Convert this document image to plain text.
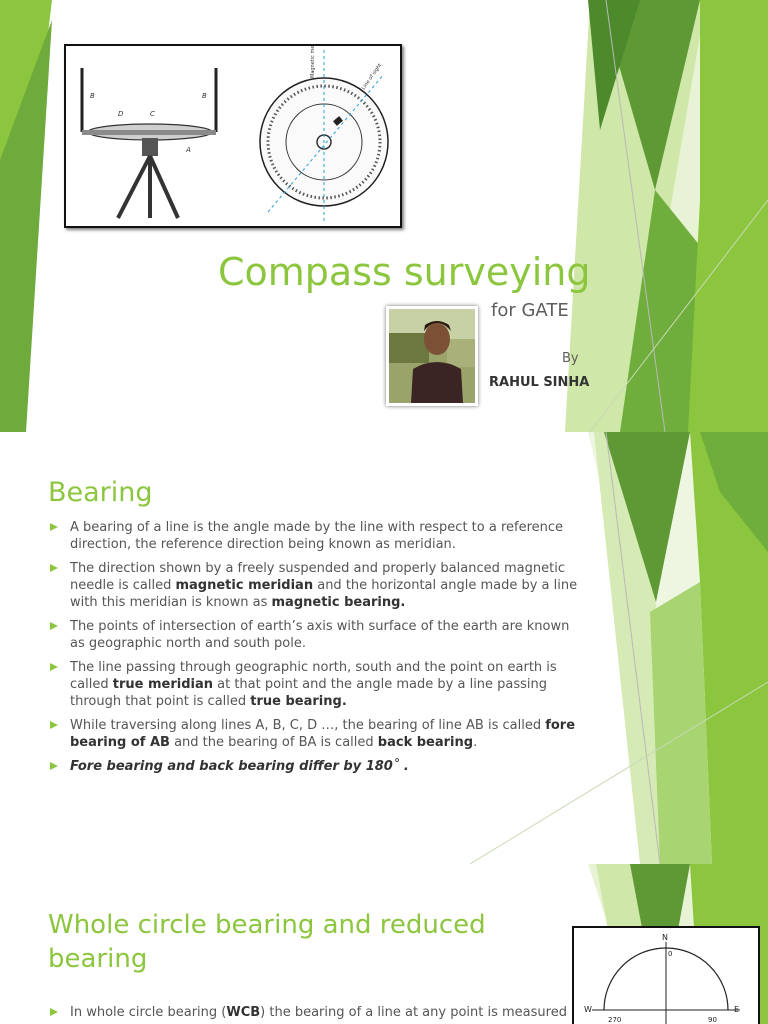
B	B
D	C
A
Magnetic meridian	Line of sight
Compass surveying
for GATE
By
RAHUL SINHA
Bearing
A bearing of a line is the angle made by the line with respect to a reference direction, the reference direction being known as meridian.
The direction shown by a freely suspended and properly balanced magnetic needle is called magnetic meridian and the horizontal angle made by a line with this meridian is known as magnetic bearing.
The points of intersection of earth’s axis with surface of the earth are known as geographic north and south pole.
The line passing through geographic north, south and the point on earth is called true meridian at that point and the angle made by a line passing through that point is called true bearing.
While traversing along lines A, B, C, D …, the bearing of line AB is called fore bearing of AB and the bearing of BA is called back bearing.
Fore bearing and back bearing differ by 180˚ .
Whole circle bearing and reduced
bearing
In whole circle bearing (WCB) the bearing of a line at any point is measured
N
0
W	E
270	90
